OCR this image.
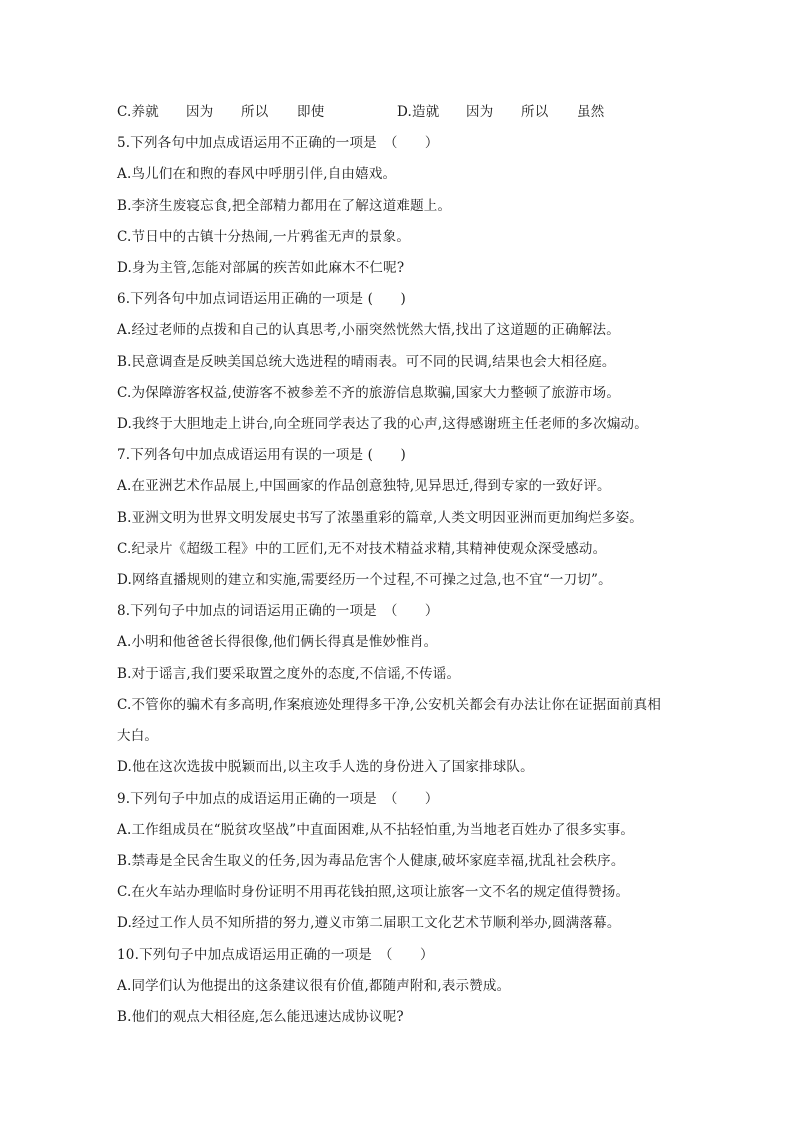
C.养就 因为 所以 即使	D.造就 因为 所以 虽然
5.下列各句中加点成语运用不正确的一项是　（　　）
A.鸟儿们在和煦的春风中呼朋引伴,自由嬉戏。
B.李济生废寝忘食,把全部精力都用在了解这道难题上。
C.节日中的古镇十分热闹,一片鸦雀无声的景象。
D.身为主管,怎能对部属的疾苦如此麻木不仁呢?
6.下列各句中加点词语运用正确的一项是 (　　)
A.经过老师的点拨和自己的认真思考,小丽突然恍然大悟,找出了这道题的正确解法。
B.民意调查是反映美国总统大选进程的晴雨表。可不同的民调,结果也会大相径庭。
C.为保障游客权益,使游客不被参差不齐的旅游信息欺骗,国家大力整顿了旅游市场。
D.我终于大胆地走上讲台,向全班同学表达了我的心声,这得感谢班主任老师的多次煽动。
7.下列各句中加点成语运用有误的一项是 (　　)
A.在亚洲艺术作品展上,中国画家的作品创意独特,见异思迁,得到专家的一致好评。
B.亚洲文明为世界文明发展史书写了浓墨重彩的篇章,人类文明因亚洲而更加绚烂多姿。
C.纪录片《超级工程》中的工匠们,无不对技术精益求精,其精神使观众深受感动。
D.网络直播规则的建立和实施,需要经历一个过程,不可操之过急,也不宜“一刀切”。
8.下列句子中加点的词语运用正确的一项是　（　　）
A.小明和他爸爸长得很像,他们俩长得真是惟妙惟肖。
B.对于谣言,我们要采取置之度外的态度,不信谣,不传谣。
C.不管你的骗术有多高明,作案痕迹处理得多干净,公安机关都会有办法让你在证据面前真相
大白。
D.他在这次选拔中脱颖而出,以主攻手人选的身份进入了国家排球队。
9.下列句子中加点的成语运用正确的一项是　（　　）
A.工作组成员在“脱贫攻坚战”中直面困难,从不拈轻怕重,为当地老百姓办了很多实事。
B.禁毒是全民舍生取义的任务,因为毒品危害个人健康,破坏家庭幸福,扰乱社会秩序。
C.在火车站办理临时身份证明不用再花钱拍照,这项让旅客一文不名的规定值得赞扬。
D.经过工作人员不知所措的努力,遵义市第二届职工文化艺术节顺利举办,圆满落幕。
10.下列句子中加点成语运用正确的一项是　（　　）
A.同学们认为他提出的这条建议很有价值,都随声附和,表示赞成。
B.他们的观点大相径庭,怎么能迅速达成协议呢?
